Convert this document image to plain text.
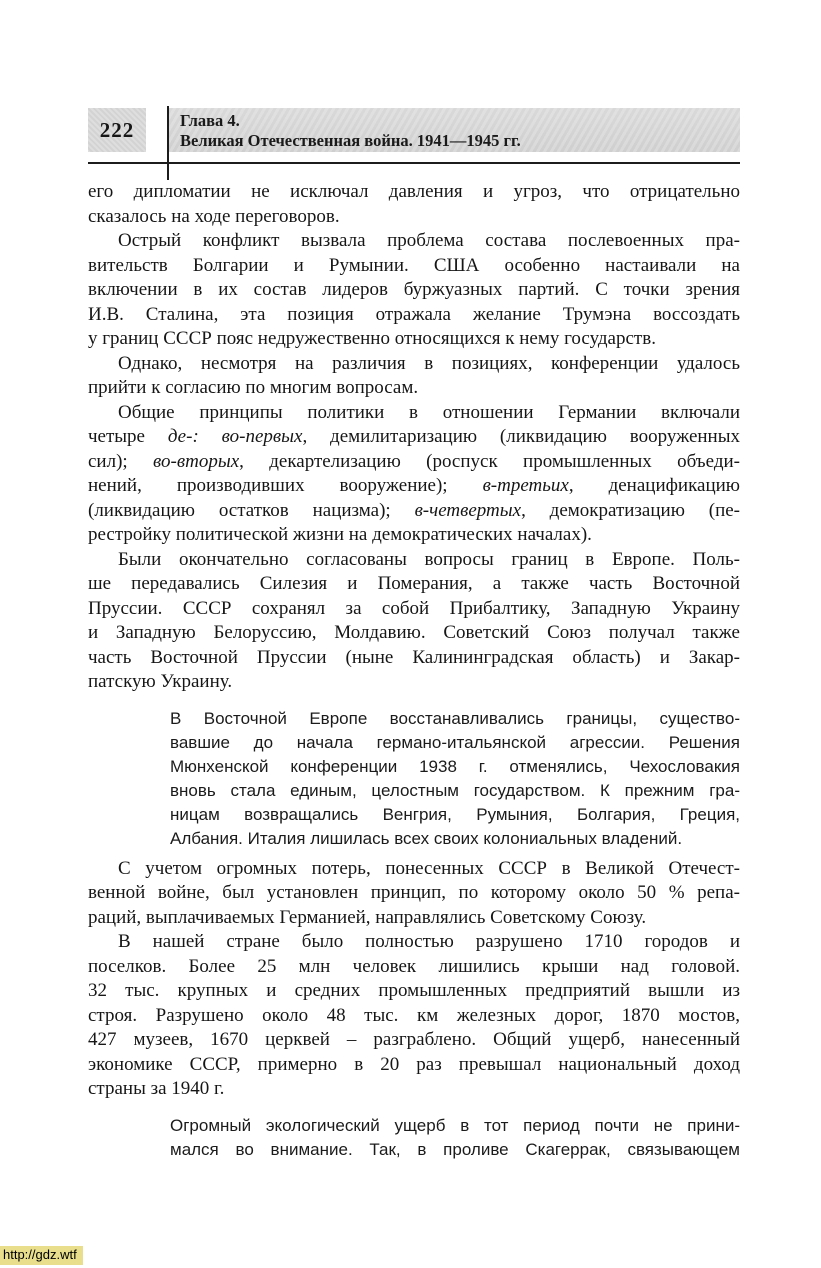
222	Глава 4.
Великая Отечественная война. 1941—1945 гг.
его дипломатии не исключал давления и угроз, что отрицательно
сказалось на ходе переговоров.
Острый конфликт вызвала проблема состава послевоенных пра-
вительств Болгарии и Румынии. США особенно настаивали на
включении в их состав лидеров буржуазных партий. С точки зрения
И.В. Сталина, эта позиция отражала желание Трумэна воссоздать
у границ СССР пояс недружественно относящихся к нему государств.
Однако, несмотря на различия в позициях, конференции удалось
прийти к согласию по многим вопросам.
Общие принципы политики в отношении Германии включали
четыре де-: во-первых, демилитаризацию (ликвидацию вооруженных
сил); во-вторых, декартелизацию (роспуск промышленных объеди-
нений, производивших вооружение); в-третьих, денацификацию
(ликвидацию остатков нацизма); в-четвертых, демократизацию (пе-
рестройку политической жизни на демократических началах).
Были окончательно согласованы вопросы границ в Европе. Поль-
ше передавались Силезия и Померания, а также часть Восточной
Пруссии. СССР сохранял за собой Прибалтику, Западную Украину
и Западную Белоруссию, Молдавию. Советский Союз получал также
часть Восточной Пруссии (ныне Калининградская область) и Закар-
патскую Украину.
В Восточной Европе восстанавливались границы, существо-
вавшие до начала германо-итальянской агрессии. Решения
Мюнхенской конференции 1938 г. отменялись, Чехословакия
вновь стала единым, целостным государством. К прежним гра-
ницам возвращались Венгрия, Румыния, Болгария, Греция,
Албания. Италия лишилась всех своих колониальных владений.
С учетом огромных потерь, понесенных СССР в Великой Отечест-
венной войне, был установлен принцип, по которому около 50 % репа-
раций, выплачиваемых Германией, направлялись Советскому Союзу.
В нашей стране было полностью разрушено 1710 городов и
поселков. Более 25 млн человек лишились крыши над головой.
32 тыс. крупных и средних промышленных предприятий вышли из
строя. Разрушено около 48 тыс. км железных дорог, 1870 мостов,
427 музеев, 1670 церквей – разграблено. Общий ущерб, нанесенный
экономике СССР, примерно в 20 раз превышал национальный доход
страны за 1940 г.
Огромный экологический ущерб в тот период почти не прини-
мался во внимание. Так, в проливе Скагеррак, связывающем
http://gdz.wtf
